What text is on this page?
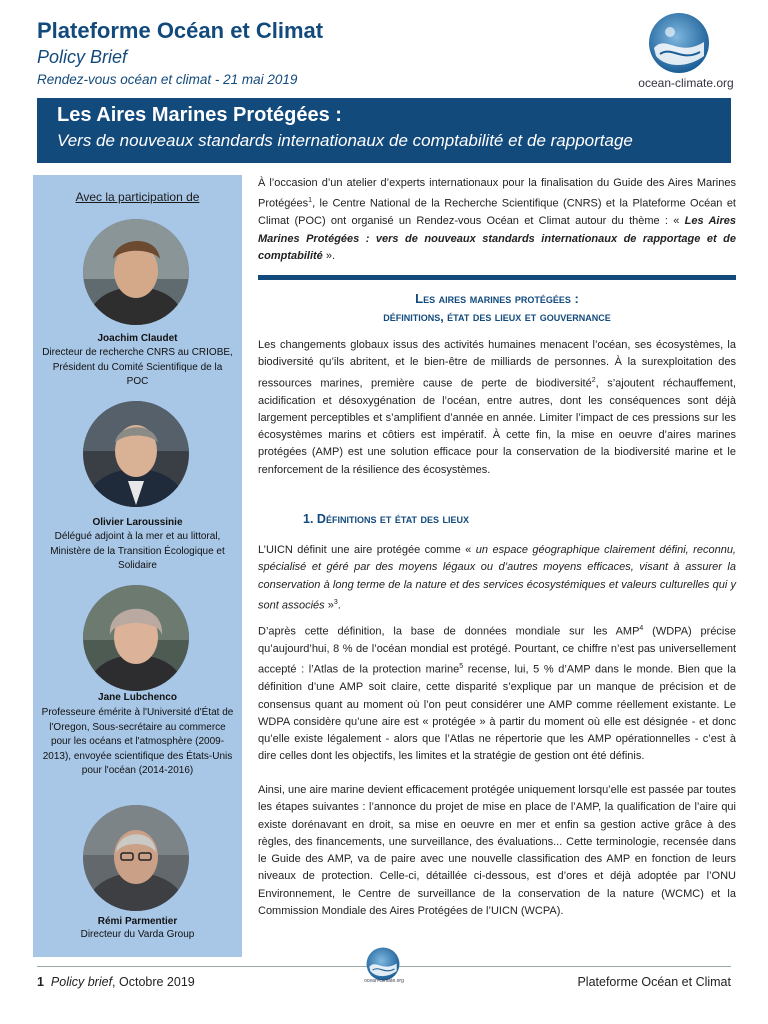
Plateforme Océan et Climat
Policy Brief
Rendez-vous océan et climat - 21 mai 2019	ocean-climate.org
Les Aires Marines Protégées :
Vers de nouveaux standards internationaux de comptabilité et de rapportage
Avec la participation de
Joachim Claudet
Directeur de recherche CNRS au CRIOBE, Président du Comité Scientifique de la POC
Olivier Laroussinie
Délégué adjoint à la mer et au littoral, Ministère de la Transition Écologique et Solidaire
Jane Lubchenco
Professeure émérite à l'Université d'État de l'Oregon, Sous-secrétaire au commerce pour les océans et l'atmosphère (2009-2013), envoyée scientifique des États-Unis pour l'océan (2014-2016)
Rémi Parmentier
Directeur du Varda Group

À l’occasion d’un atelier d’experts internationaux pour la finalisation du Guide des Aires Marines Protégées$^1$, le Centre National de la Recherche Scientifique (CNRS) et la Plateforme Océan et Climat (POC) ont organisé un Rendez-vous Océan et Climat autour du thème : « Les Aires Marines Protégées : vers de nouveaux standards internationaux de rapportage et de comptabilité ».

Les aires marines protégées :
définitions, état des lieux et gouvernance

Les changements globaux issus des activités humaines menacent l’océan, ses écosystèmes, la biodiversité qu’ils abritent, et le bien-être de milliards de personnes. À la surexploitation des ressources marines, première cause de perte de biodiversité$^2$, s’ajoutent réchauffement, acidification et désoxygénation de l’océan, entre autres, dont les conséquences sont déjà largement perceptibles et s’amplifient d’année en année. Limiter l’impact de ces pressions sur les écosystèmes marins et côtiers est impératif. À cette fin, la mise en oeuvre d’aires marines protégées (AMP) est une solution efficace pour la conservation de la biodiversité marine et le renforcement de la résilience des écosystèmes.

1. Définitions et état des lieux

L’UICN définit une aire protégée comme « un espace géographique clairement défini, reconnu, spécialisé et géré par des moyens légaux ou d’autres moyens efficaces, visant à assurer la conservation à long terme de la nature et des services écosystémiques et valeurs culturelles qui y sont associés »$^3$.

D’après cette définition, la base de données mondiale sur les AMP$^4$ (WDPA) précise qu’aujourd’hui, 8 % de l’océan mondial est protégé. Pourtant, ce chiffre n’est pas universellement accepté : l’Atlas de la protection marine$^5$ recense, lui, 5 % d’AMP dans le monde. Bien que la définition d’une AMP soit claire, cette disparité s’explique par un manque de précision et de consensus quant au moment où l’on peut considérer une AMP comme réellement existante. Le WDPA considère qu’une aire est « protégée » à partir du moment où elle est désignée - et donc qu’elle existe légalement - alors que l’Atlas ne répertorie que les AMP opérationnelles - c’est à dire celles dont les objectifs, les limites et la stratégie de gestion ont été définis.

Ainsi, une aire marine devient efficacement protégée uniquement lorsqu’elle est passée par toutes les étapes suivantes : l’annonce du projet de mise en place de l’AMP, la qualification de l’aire qui existe dorénavant en droit, sa mise en oeuvre en mer et enfin sa gestion active grâce à des règles, des financements, une surveillance, des évaluations... Cette terminologie, recensée dans le Guide des AMP, va de paire avec une nouvelle classification des AMP en fonction de leurs niveaux de protection. Celle-ci, détaillée ci-dessous, est d’ores et déjà adoptée par l’ONU Environnement, le Centre de surveillance de la conservation de la nature (WCMC) et la Commission Mondiale des Aires Protégées de l’UICN (WCPA).

1 Policy brief, Octobre 2019	ocean-climate.org	Plateforme Océan et Climat
